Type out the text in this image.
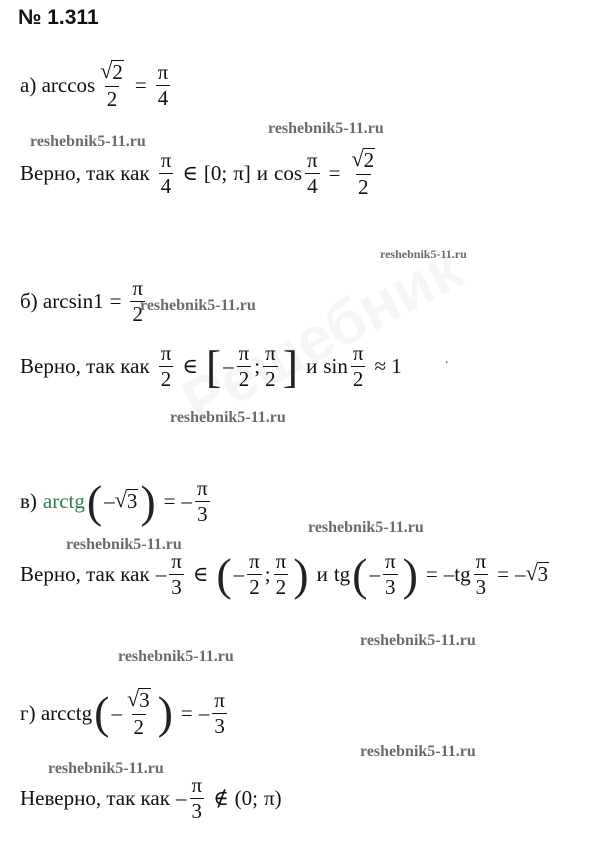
№ 1.311
а) $\arccos \frac{√ 2}{2} = \frac{\pi}{4}$
reshebnik5-11.ru
reshebnik5-11.ru
Верно, так как $\frac{\pi}{4}$ ∈ [ 0; π ] и $\cos \frac{\pi}{4} = \frac{√ 2}{2}$
reshebnik5-11.ru
б) $\arcsin 1 = \frac{\pi}{2}$
reshebnik5-11.ru
Верно, так как $\frac{\pi}{2}$ ∈ [ – $\frac{\pi}{2}$ ; $\frac{\pi}{2}$ ] и $\sin \frac{\pi}{2} \approx 1$	.
reshebnik5-11.ru
в) arctg ( – √ 3 ) = – $\frac{\pi}{3}$
reshebnik5-11.ru
reshebnik5-11.ru
Верно, так как – $\frac{\pi}{3}$ ∈ ( – $\frac{\pi}{2}$ ; $\frac{\pi}{2}$ ) и tg ( – $\frac{\pi}{3}$ ) = $-tg \frac{\pi}{3}$ = – √ 3
reshebnik5-11.ru
reshebnik5-11.ru
г) arcctg ( – $\frac{√ 3}{2}$ ) = – $\frac{\pi}{3}$
reshebnik5-11.ru
reshebnik5-11.ru
Неверно, так как – $\frac{\pi}{3}$ ∉ ( 0; π )
